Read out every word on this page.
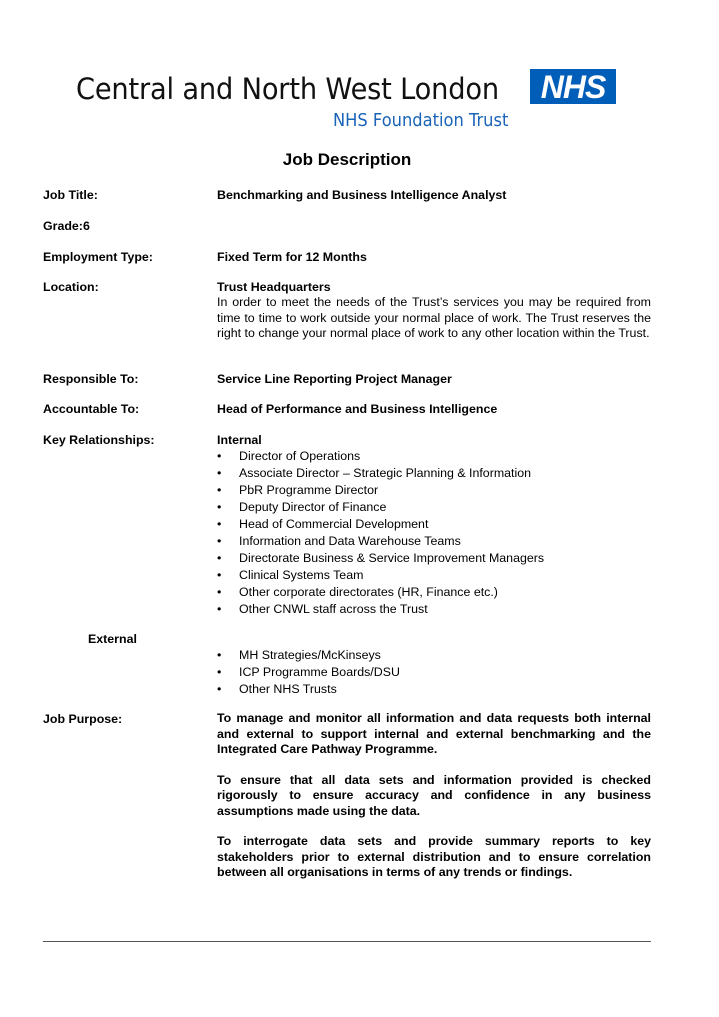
Central and North West London NHS
NHS Foundation Trust
Job Description
Job Title:	Benchmarking and Business Intelligence Analyst
Grade:6
Employment Type:	Fixed Term for 12 Months
Location:	Trust Headquarters
In order to meet the needs of the Trust’s services you may be required from time to time to work outside your normal place of work. The Trust reserves the right to change your normal place of work to any other location within the Trust.
Responsible To:	Service Line Reporting Project Manager
Accountable To:	Head of Performance and Business Intelligence
Key Relationships:	Internal
• Director of Operations
• Associate Director – Strategic Planning & Information
• PbR Programme Director
• Deputy Director of Finance
• Head of Commercial Development
• Information and Data Warehouse Teams
• Directorate Business & Service Improvement Managers
• Clinical Systems Team
• Other corporate directorates (HR, Finance etc.)
• Other CNWL staff across the Trust
External
• MH Strategies/McKinseys
• ICP Programme Boards/DSU
• Other NHS Trusts
Job Purpose:	To manage and monitor all information and data requests both internal and external to support internal and external benchmarking and the Integrated Care Pathway Programme.

To ensure that all data sets and information provided is checked rigorously to ensure accuracy and confidence in any business assumptions made using the data.

To interrogate data sets and provide summary reports to key stakeholders prior to external distribution and to ensure correlation between all organisations in terms of any trends or findings.
